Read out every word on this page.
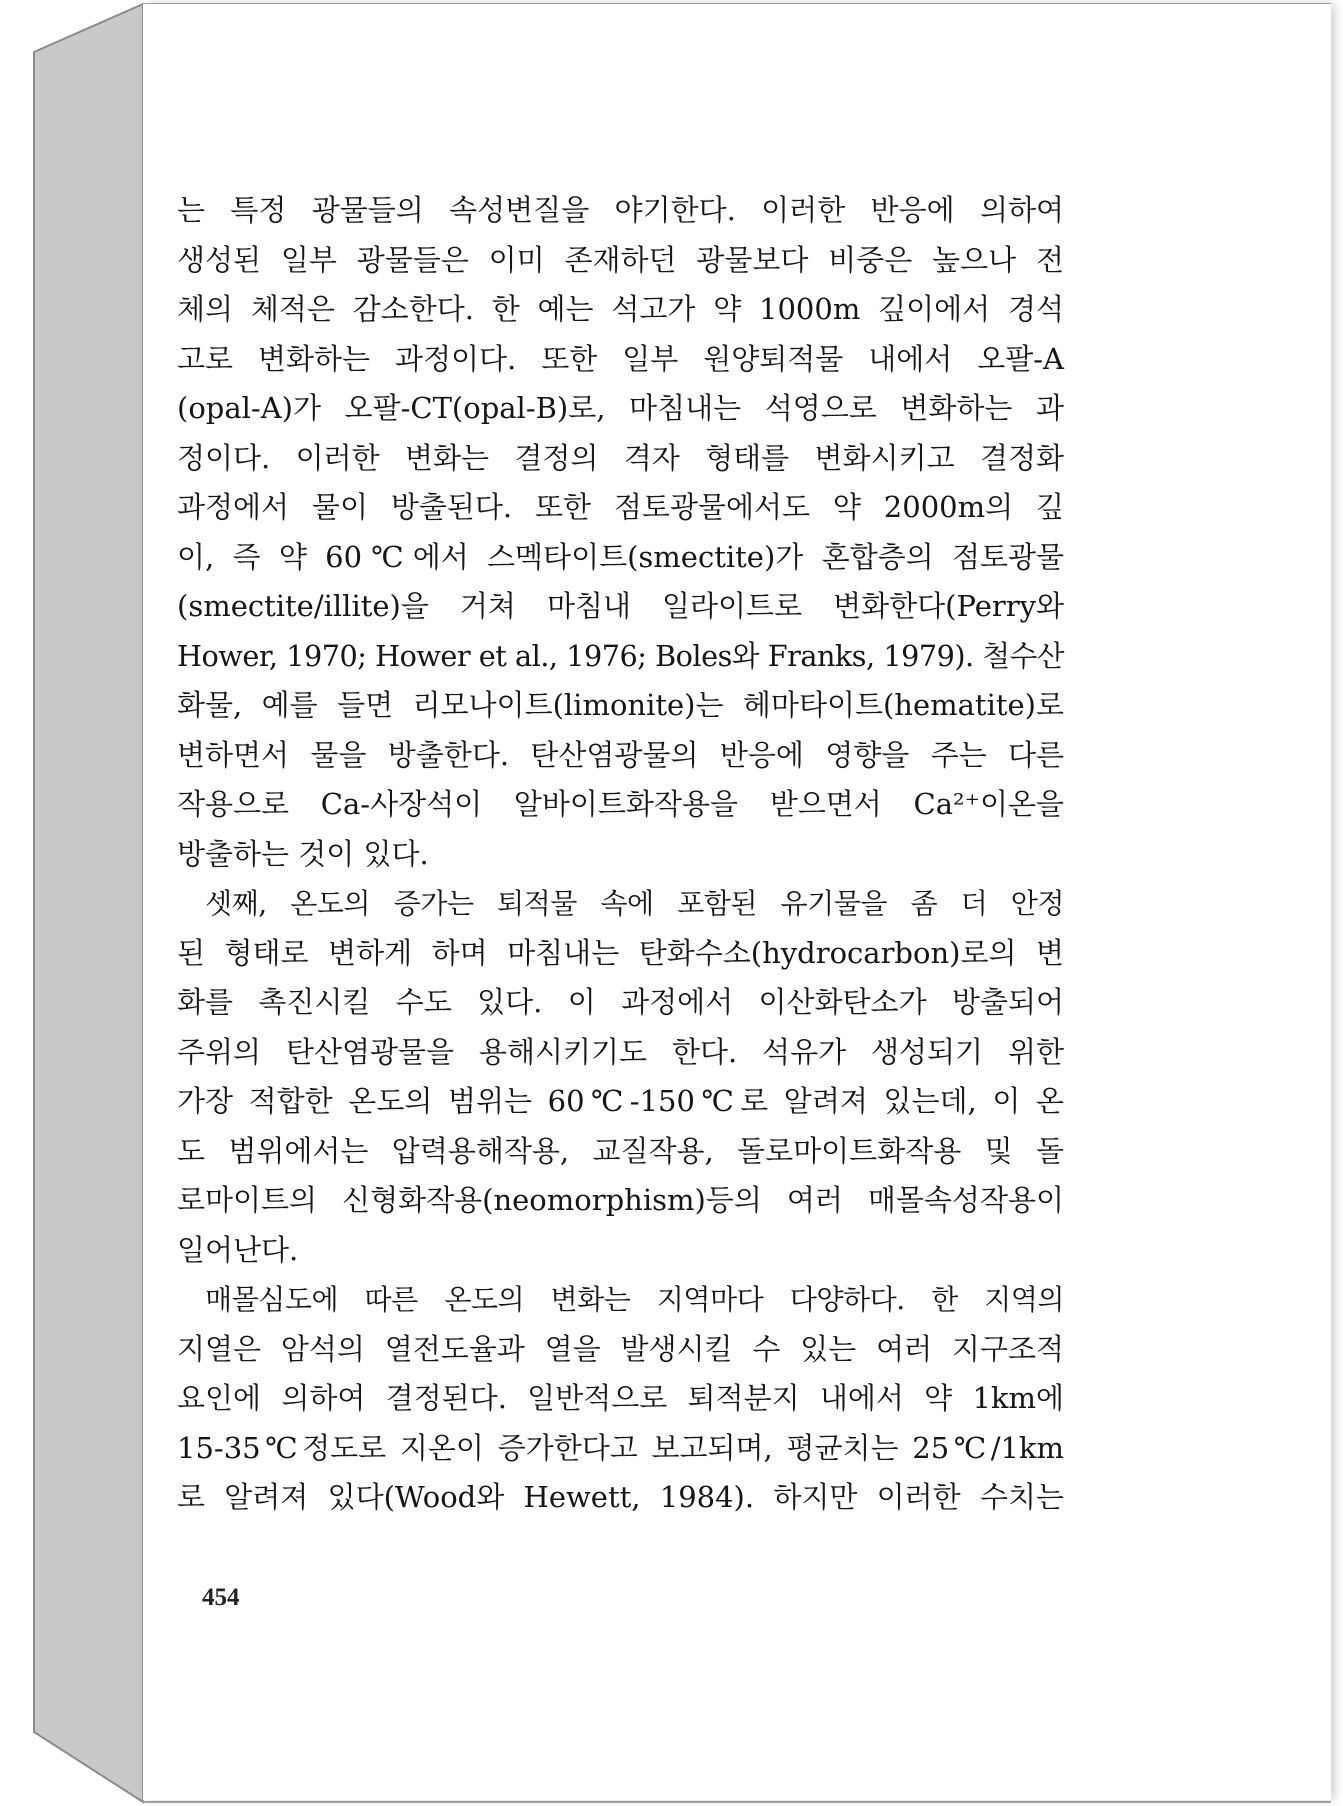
는 특정 광물들의 속성변질을 야기한다. 이러한 반응에 의하여
생성된 일부 광물들은 이미 존재하던 광물보다 비중은 높으나 전
체의 체적은 감소한다. 한 예는 석고가 약 1000m 깊이에서 경석
고로 변화하는 과정이다. 또한 일부 원양퇴적물 내에서 오팔-A
(opal-A)가 오팔-CT(opal-B)로, 마침내는 석영으로 변화하는 과
정이다. 이러한 변화는 결정의 격자 형태를 변화시키고 결정화
과정에서 물이 방출된다. 또한 점토광물에서도 약 2000m의 깊
이, 즉 약 60℃에서 스멕타이트(smectite)가 혼합층의 점토광물
(smectite/illite)을 거쳐 마침내 일라이트로 변화한다(Perry와
Hower, 1970; Hower et al., 1976; Boles와 Franks, 1979). 철수산
화물, 예를 들면 리모나이트(limonite)는 헤마타이트(hematite)로
변하면서 물을 방출한다. 탄산염광물의 반응에 영향을 주는 다른
작용으로 Ca-사장석이 알바이트화작용을 받으면서 Ca²⁺이온을
방출하는 것이 있다.
셋째, 온도의 증가는 퇴적물 속에 포함된 유기물을 좀 더 안정
된 형태로 변하게 하며 마침내는 탄화수소(hydrocarbon)로의 변
화를 촉진시킬 수도 있다. 이 과정에서 이산화탄소가 방출되어
주위의 탄산염광물을 용해시키기도 한다. 석유가 생성되기 위한
가장 적합한 온도의 범위는 60℃-150℃로 알려져 있는데, 이 온
도 범위에서는 압력용해작용, 교질작용, 돌로마이트화작용 및 돌
로마이트의 신형화작용(neomorphism)등의 여러 매몰속성작용이
일어난다.
매몰심도에 따른 온도의 변화는 지역마다 다양하다. 한 지역의
지열은 암석의 열전도율과 열을 발생시킬 수 있는 여러 지구조적
요인에 의하여 결정된다. 일반적으로 퇴적분지 내에서 약 1km에
15-35℃정도로 지온이 증가한다고 보고되며, 평균치는 25℃/1km
로 알려져 있다(Wood와 Hewett, 1984). 하지만 이러한 수치는
454
